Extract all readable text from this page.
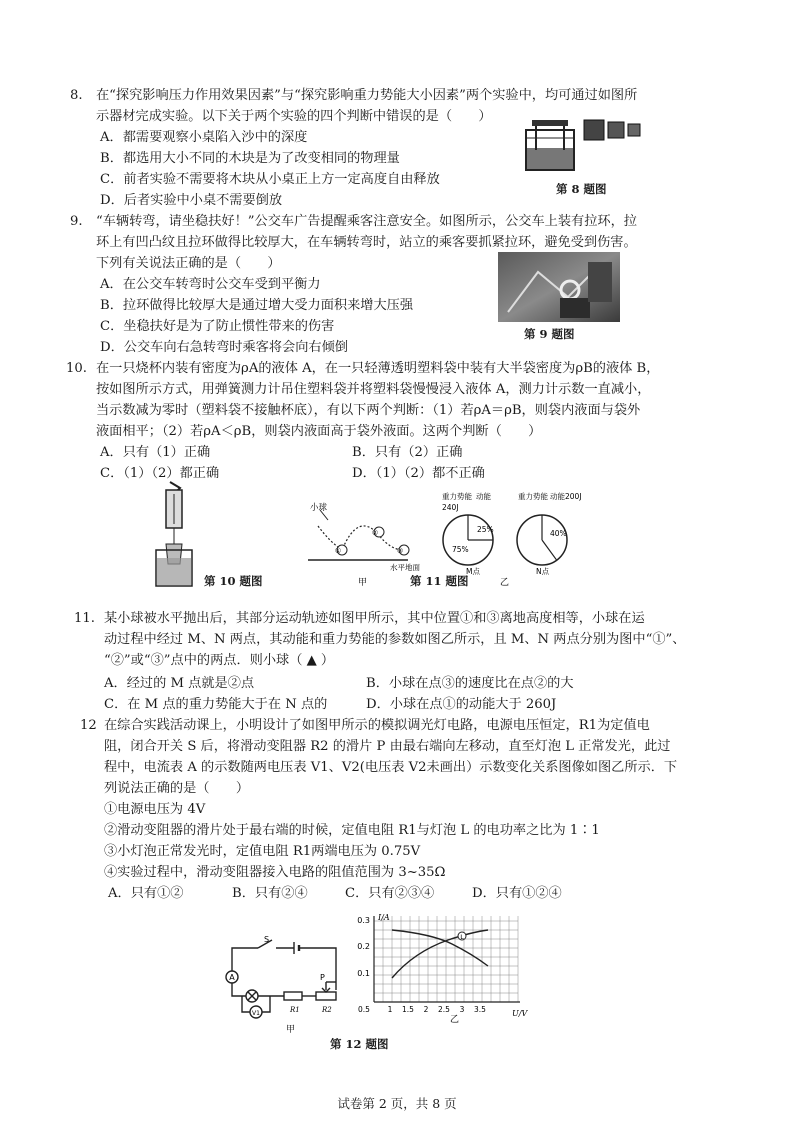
8. 在“探究影响压力作用效果因素”与“探究影响重力势能大小因素”两个实验中，均可通过如图所
示器材完成实验。以下关于两个实验的四个判断中错误的是（　　）
A．都需要观察小桌陷入沙中的深度
B．都选用大小不同的木块是为了改变相同的物理量
C．前者实验不需要将木块从小桌正上方一定高度自由释放
D．后者实验中小桌不需要倒放
第 8 题图
9. “车辆转弯，请坐稳扶好！”公交车广告提醒乘客注意安全。如图所示，公交车上装有拉环，拉
环上有凹凸纹且拉环做得比较厚大，在车辆转弯时，站立的乘客要抓紧拉环，避免受到伤害。
下列有关说法正确的是（　　）
A．在公交车转弯时公交车受到平衡力
B．拉环做得比较厚大是通过增大受力面积来增大压强
C．坐稳扶好是为了防止惯性带来的伤害
D．公交车向右急转弯时乘客将会向右倾倒
第 9 题图
10. 在一只烧杯内装有密度为ρA的液体 A，在一只轻薄透明塑料袋中装有大半袋密度为ρB的液体 B，
按如图所示方式，用弹簧测力计吊住塑料袋并将塑料袋慢慢浸入液体 A，测力计示数一直减小，
当示数减为零时（塑料袋不接触杯底），有以下两个判断：（1）若ρA＝ρB，则袋内液面与袋外
液面相平；（2）若ρA＜ρB，则袋内液面高于袋外液面。这两个判断（　　）
A．只有（1）正确	B．只有（2）正确
C．（1）（2）都正确	D．（1）（2）都不正确
第 10 题图
小球
①
②
③
水平地面
甲
重力势能 动能
240J
25%
75%
M点
重力势能 动能200J
40%
N点
乙
第 11 题图
11. 某小球被水平抛出后，其部分运动轨迹如图甲所示，其中位置①和③离地高度相等，小球在运
动过程中经过 M、N 两点，其动能和重力势能的参数如图乙所示，且 M、N 两点分别为图中“①”、
“②”或“③”点中的两点．则小球（ ▲ ）
A．经过的 M 点就是②点	B．小球在点③的速度比在点②的大
C．在 M 点的重力势能大于在 N 点的	D．小球在点①的动能大于 260J
12 在综合实践活动课上，小明设计了如图甲所示的模拟调光灯电路，电源电压恒定，R1为定值电
阻，闭合开关 S 后，将滑动变阻器 R2 的滑片 P 由最右端向左移动，直至灯泡 L 正常发光，此过
程中，电流表 A 的示数随两电压表 V1、V2(电压表 V2未画出）示数变化关系图像如图乙所示．下
列说法正确的是（　　）
①电源电压为 4V
②滑动变阻器的滑片处于最右端的时候，定值电阻 R1与灯泡 L 的电功率之比为 1∶1
③小灯泡正常发光时，定值电阻 R1两端电压为 0.75V
④实验过程中，滑动变阻器接入电路的阻值范围为 3~35Ω
A．只有①②	B．只有②④	C．只有②③④	D．只有①②④
A
V1
S
P
R1	R2
甲
I/A
U/V
0.3
0.2
0.1
0.5 1 1.5 2 2.5 3 3.5
L
乙
第 12 题图
试卷第 2 页，共 8 页
